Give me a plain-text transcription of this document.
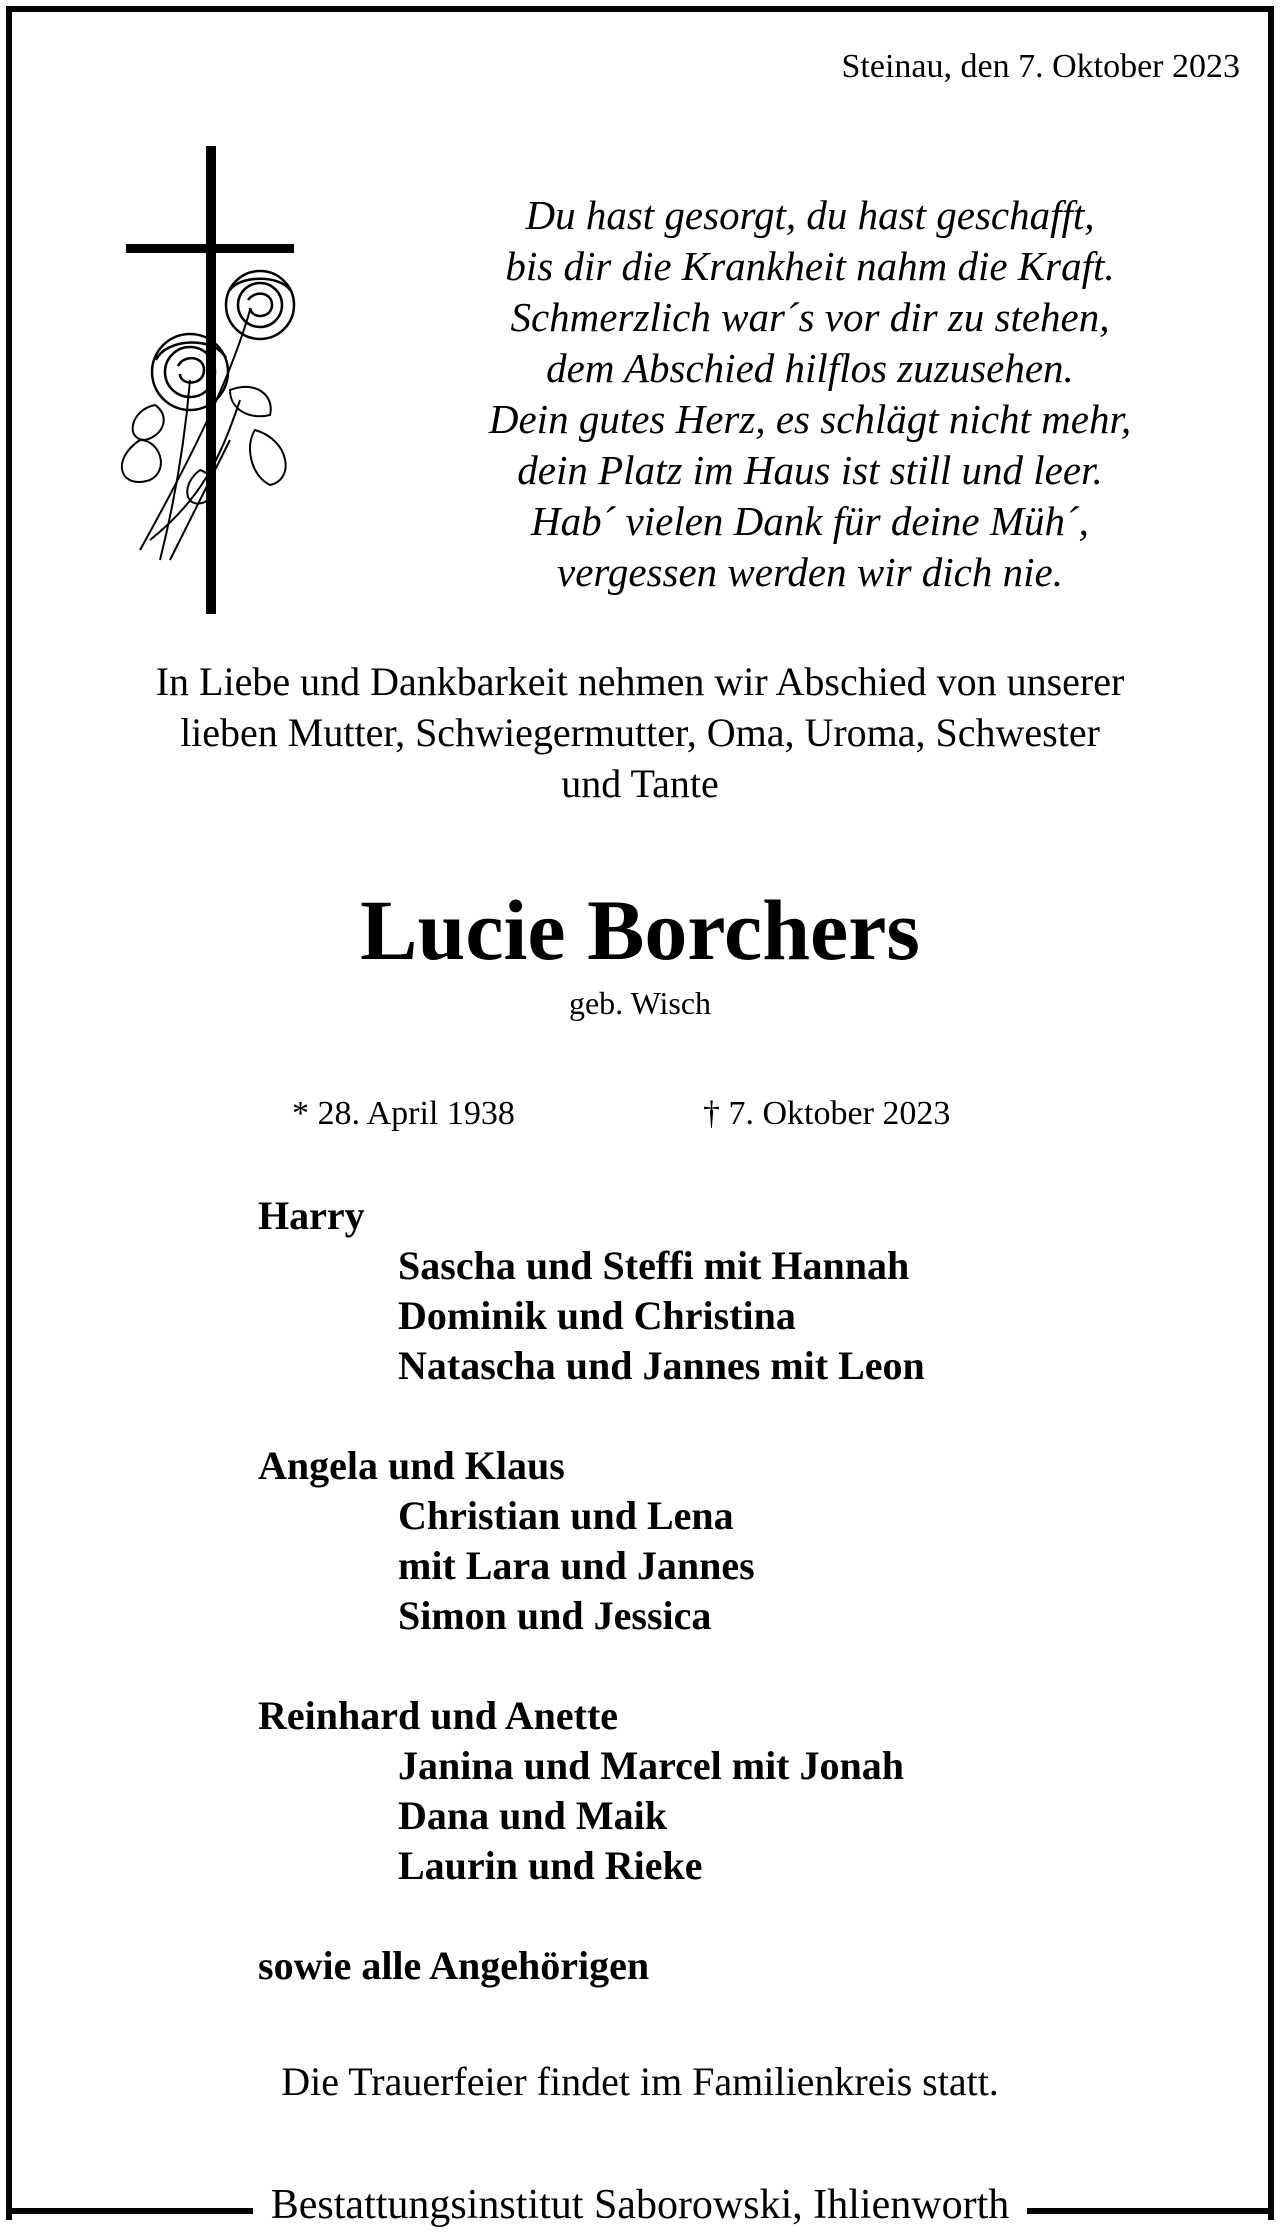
Steinau, den 7. Oktober 2023
Du hast gesorgt, du hast geschafft,
bis dir die Krankheit nahm die Kraft.
Schmerzlich war´s vor dir zu stehen,
dem Abschied hilflos zuzusehen.
Dein gutes Herz, es schlägt nicht mehr,
dein Platz im Haus ist still und leer.
Hab´ vielen Dank für deine Müh´,
vergessen werden wir dich nie.
In Liebe und Dankbarkeit nehmen wir Abschied von unserer
lieben Mutter, Schwiegermutter, Oma, Uroma, Schwester
und Tante
Lucie Borchers
geb. Wisch
* 28. April 1938	† 7. Oktober 2023
Harry
Sascha und Steffi mit Hannah
Dominik und Christina
Natascha und Jannes mit Leon
Angela und Klaus
Christian und Lena
mit Lara und Jannes
Simon und Jessica
Reinhard und Anette
Janina und Marcel mit Jonah
Dana und Maik
Laurin und Rieke
sowie alle Angehörigen
Die Trauerfeier findet im Familienkreis statt.
Bestattungsinstitut Saborowski, Ihlienworth
